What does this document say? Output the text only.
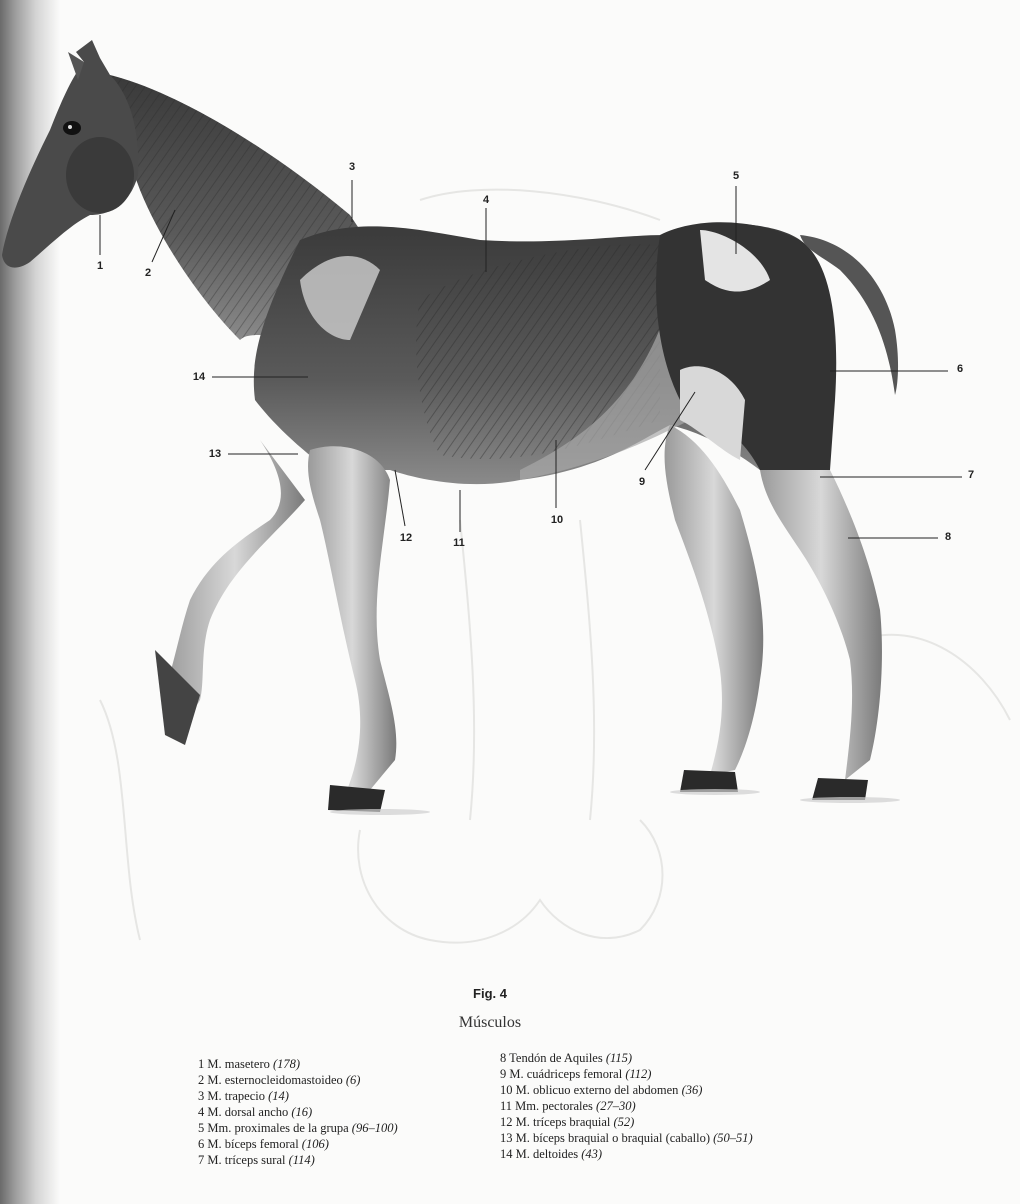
1
2
3
4
5
6
7
8
9
10
11
12
13
14
Fig. 4
Músculos
1 M. masetero (178)
2 M. esternocleidomastoideo (6)
3 M. trapecio (14)
4 M. dorsal ancho (16)
5 Mm. proximales de la grupa (96–100)
6 M. bíceps femoral (106)
7 M. tríceps sural (114)
8 Tendón de Aquiles (115)
9 M. cuádriceps femoral (112)
10 M. oblicuo externo del abdomen (36)
11 Mm. pectorales (27–30)
12 M. tríceps braquial (52)
13 M. bíceps braquial o braquial (caballo) (50–51)
14 M. deltoides (43)
